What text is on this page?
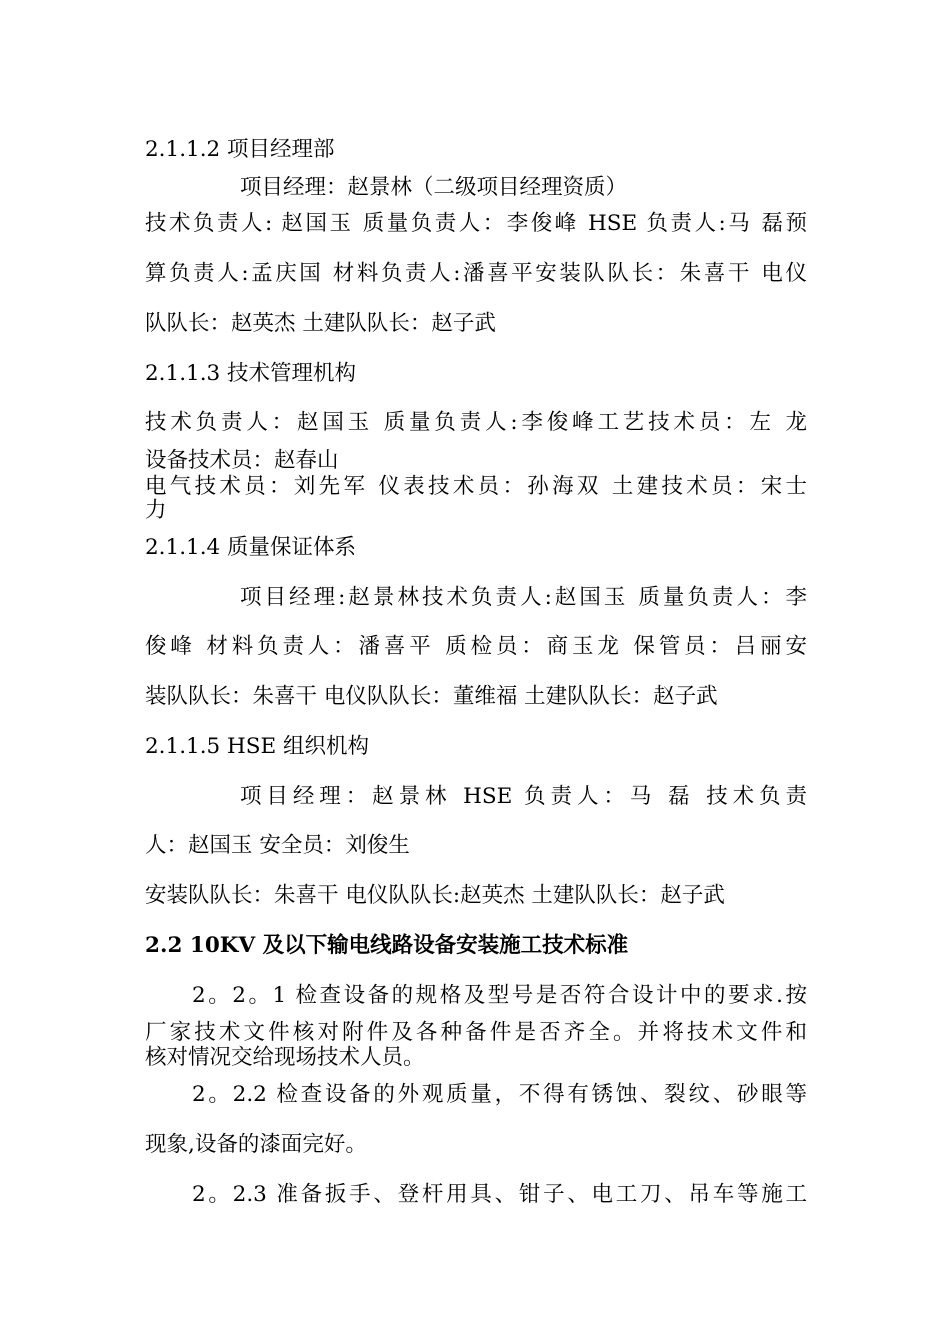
2.1.1.2 项目经理部
项目经理：赵景林（二级项目经理资质）
技术负责人: 赵国玉 质量负责人：李俊峰 HSE 负责人:马 磊预
算负责人:孟庆国 材料负责人:潘喜平安装队队长：朱喜干 电仪
队队长：赵英杰 土建队队长：赵子武
2.1.1.3 技术管理机构
技术负责人：赵国玉 质量负责人:李俊峰工艺技术员：左 龙
设备技术员：赵春山
电气技术员：刘先军 仪表技术员：孙海双 土建技术员：宋士
力
2.1.1.4 质量保证体系
项目经理:赵景林技术负责人:赵国玉 质量负责人：李
俊峰 材料负责人：潘喜平 质检员：商玉龙 保管员：吕丽安
装队队长：朱喜干 电仪队队长：董维福 土建队队长：赵子武
2.1.1.5 HSE 组织机构
项目经理：赵景林 HSE 负责人：马 磊 技术负责
人：赵国玉 安全员：刘俊生
安装队队长：朱喜干 电仪队队长:赵英杰 土建队队长：赵子武
2.2 10KV 及以下输电线路设备安装施工技术标准
2。2。1 检查设备的规格及型号是否符合设计中的要求.按
厂家技术文件核对附件及各种备件是否齐全。并将技术文件和
核对情况交给现场技术人员。
2。2.2 检查设备的外观质量，不得有锈蚀、裂纹、砂眼等
现象,设备的漆面完好。
2。2.3 准备扳手、登杆用具、钳子、电工刀、吊车等施工
